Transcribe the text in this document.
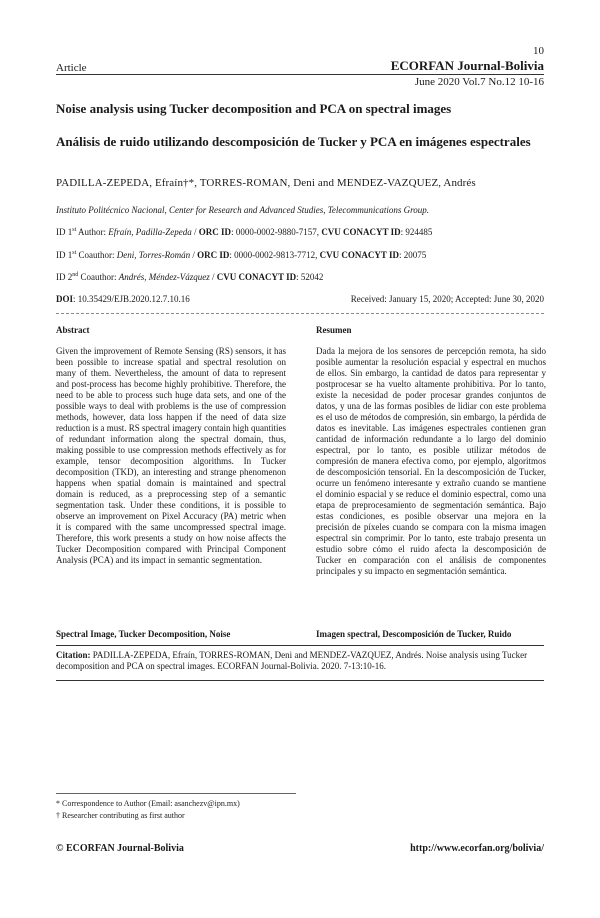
10
Article	ECORFAN Journal-Bolivia
June 2020 Vol.7 No.12 10-16
Noise analysis using Tucker decomposition and PCA on spectral images
Análisis de ruido utilizando descomposición de Tucker y PCA en imágenes espectrales
PADILLA-ZEPEDA, Efraín†*, TORRES-ROMAN, Deni and MENDEZ-VAZQUEZ, Andrés
Instituto Politécnico Nacional, Center for Research and Advanced Studies, Telecommunications Group.
ID 1st Author: Efraín, Padilla-Zepeda / ORC ID: 0000-0002-9880-7157, CVU CONACYT ID: 924485
ID 1st Coauthor: Deni, Torres-Román / ORC ID: 0000-0002-9813-7712, CVU CONACYT ID: 20075
ID 2nd Coauthor: Andrés, Méndez-Vázquez / CVU CONACYT ID: 52042
DOI: 10.35429/EJB.2020.12.7.10.16	Received: January 15, 2020; Accepted: June 30, 2020
Abstract	Resumen
Given the improvement of Remote Sensing (RS) sensors, it has been possible to increase spatial and spectral resolution on many of them. Nevertheless, the amount of data to represent and post-process has become highly prohibitive. Therefore, the need to be able to process such huge data sets, and one of the possible ways to deal with problems is the use of compression methods, however, data loss happen if the need of data size reduction is a must. RS spectral imagery contain high quantities of redundant information along the spectral domain, thus, making possible to use compression methods effectively as for example, tensor decomposition algorithms. In Tucker decomposition (TKD), an interesting and strange phenomenon happens when spatial domain is maintained and spectral domain is reduced, as a preprocessing step of a semantic segmentation task. Under these conditions, it is possible to observe an improvement on Pixel Accuracy (PA) metric when it is compared with the same uncompressed spectral image. Therefore, this work presents a study on how noise affects the Tucker Decomposition compared with Principal Component Analysis (PCA) and its impact in semantic segmentation.
Dada la mejora de los sensores de percepción remota, ha sido posible aumentar la resolución espacial y espectral en muchos de ellos. Sin embargo, la cantidad de datos para representar y postprocesar se ha vuelto altamente prohibitiva. Por lo tanto, existe la necesidad de poder procesar grandes conjuntos de datos, y una de las formas posibles de lidiar con este problema es el uso de métodos de compresión, sin embargo, la pérdida de datos es inevitable. Las imágenes espectrales contienen gran cantidad de información redundante a lo largo del dominio espectral, por lo tanto, es posible utilizar métodos de compresión de manera efectiva como, por ejemplo, algoritmos de descomposición tensorial. En la descomposición de Tucker, ocurre un fenómeno interesante y extraño cuando se mantiene el dominio espacial y se reduce el dominio espectral, como una etapa de preprocesamiento de segmentación semántica. Bajo estas condiciones, es posible observar una mejora en la precisión de píxeles cuando se compara con la misma imagen espectral sin comprimir. Por lo tanto, este trabajo presenta un estudio sobre cómo el ruido afecta la descomposición de Tucker en comparación con el análisis de componentes principales y su impacto en segmentación semántica.
Spectral Image, Tucker Decomposition, Noise	Imagen spectral, Descomposición de Tucker, Ruido
Citation: PADILLA-ZEPEDA, Efraín, TORRES-ROMAN, Deni and MENDEZ-VAZQUEZ, Andrés. Noise analysis using Tucker decomposition and PCA on spectral images. ECORFAN Journal-Bolivia. 2020. 7-13:10-16.
* Correspondence to Author (Email: asanchezv@ipn.mx)
† Researcher contributing as first author
© ECORFAN Journal-Bolivia	http://www.ecorfan.org/bolivia/
